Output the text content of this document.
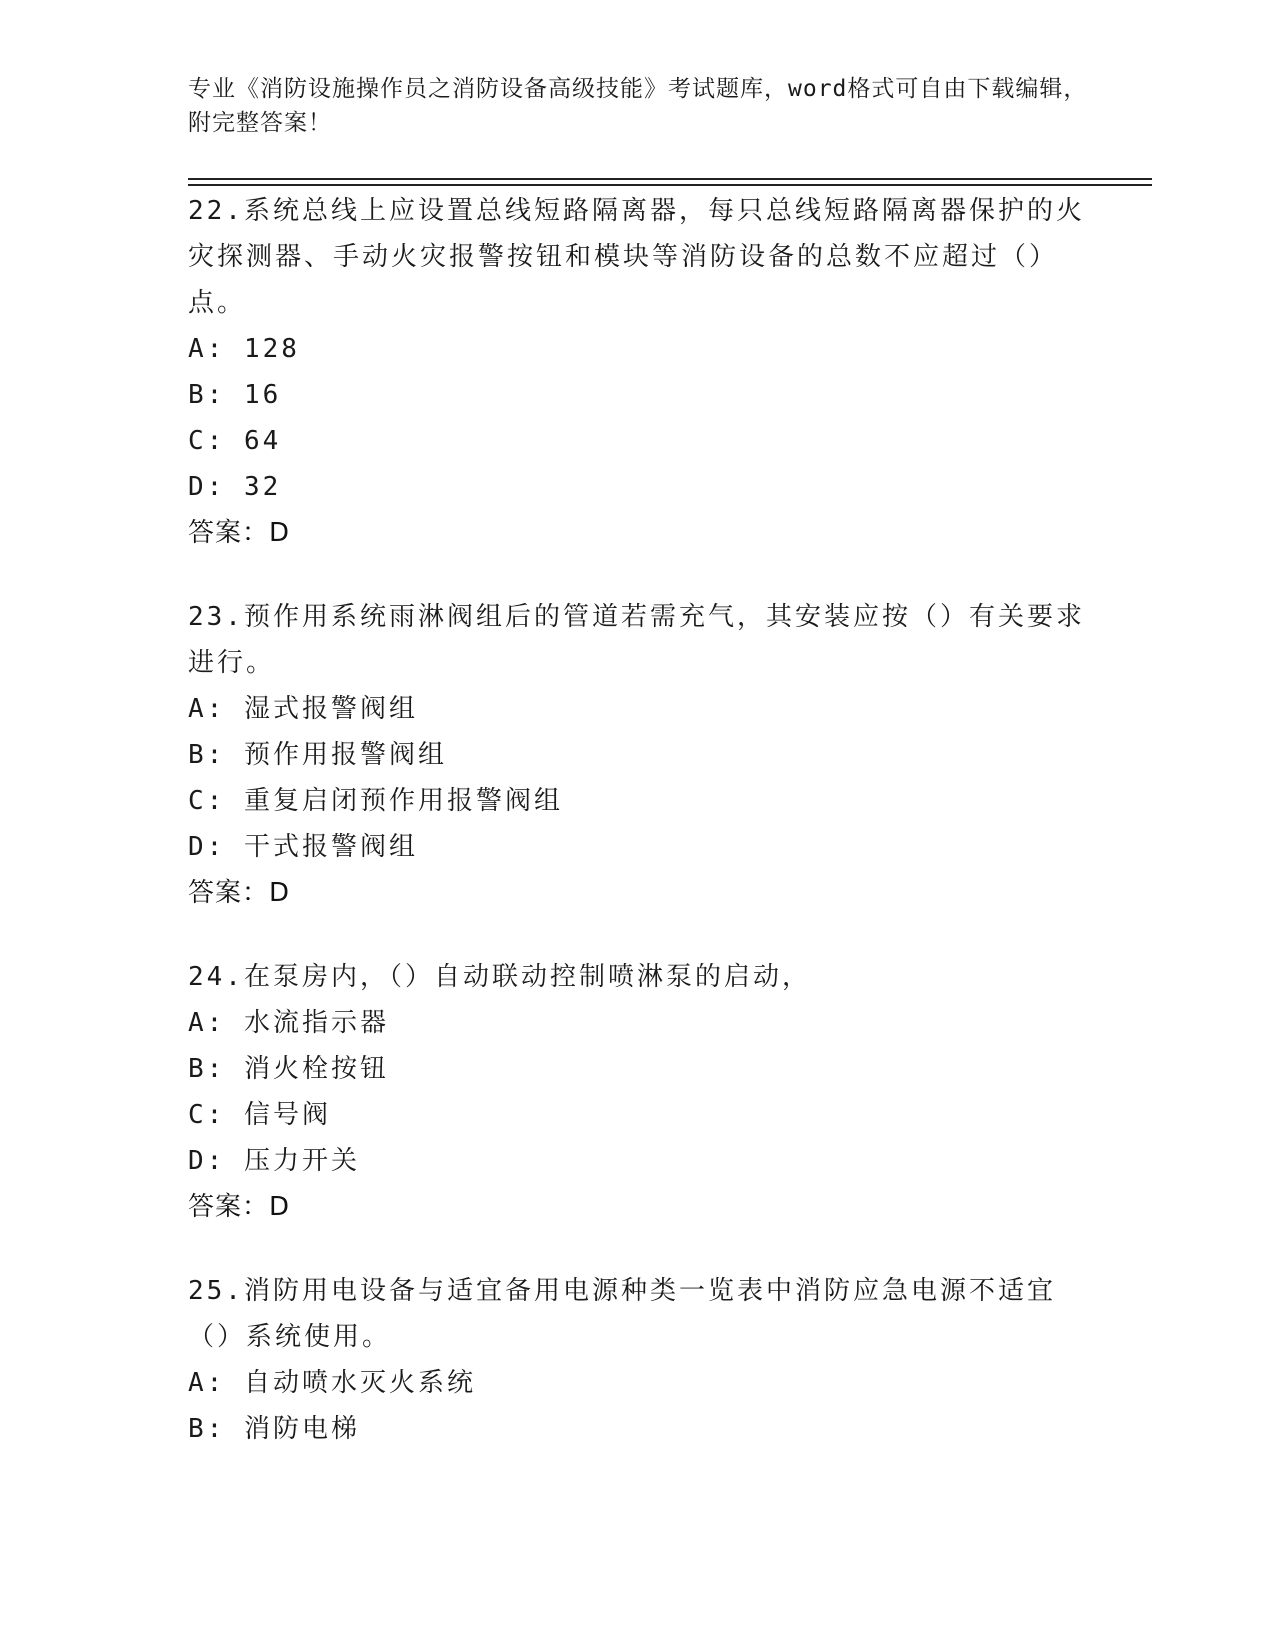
专业《消防设施操作员之消防设备高级技能》考试题库，word格式可自由下载编辑，附完整答案！
22.系统总线上应设置总线短路隔离器，每只总线短路隔离器保护的火灾探测器、手动火灾报警按钮和模块等消防设备的总数不应超过（）点。
A: 128
B: 16
C: 64
D: 32
答案：D
23.预作用系统雨淋阀组后的管道若需充气，其安装应按（）有关要求进行。
A: 湿式报警阀组
B: 预作用报警阀组
C: 重复启闭预作用报警阀组
D: 干式报警阀组
答案：D
24.在泵房内，（）自动联动控制喷淋泵的启动，
A: 水流指示器
B: 消火栓按钮
C: 信号阀
D: 压力开关
答案：D
25.消防用电设备与适宜备用电源种类一览表中消防应急电源不适宜（）系统使用。
A: 自动喷水灭火系统
B: 消防电梯
